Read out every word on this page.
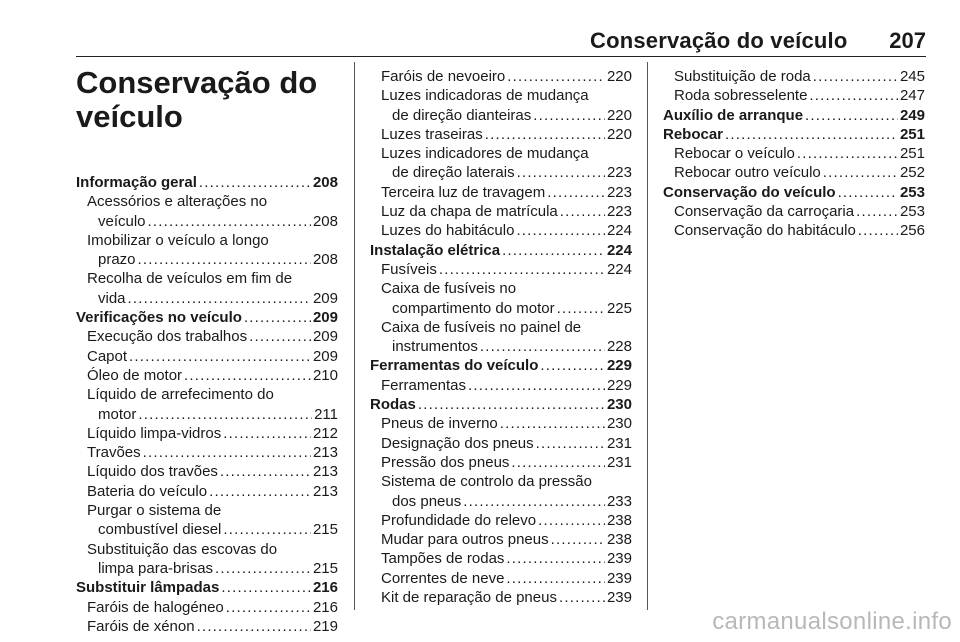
Conservação do veículo 207
Conservação do veículo
Informação geral .....	208
Acessórios e alterações no
veículo .....	208
Imobilizar o veículo a longo
prazo .....	208
Recolha de veículos em fim de
vida .....	209
Verificações no veículo .....	209
Execução dos trabalhos .....	209
Capot .....	209
Óleo de motor .....	210
Líquido de arrefecimento do
motor .....	211
Líquido limpa-vidros .....	212
Travões .....	213
Líquido dos travões .....	213
Bateria do veículo .....	213
Purgar o sistema de
combustível diesel .....	215
Substituição das escovas do
limpa para-brisas .....	215
Substituir lâmpadas .....	216
Faróis de halogéneo .....	216
Faróis de xénon .....	219
Faróis de nevoeiro .....	220
Luzes indicadoras de mudança
de direção dianteiras .....	220
Luzes traseiras .....	220
Luzes indicadores de mudança
de direção laterais .....	223
Terceira luz de travagem .....	223
Luz da chapa de matrícula .....	223
Luzes do habitáculo .....	224
Instalação elétrica .....	224
Fusíveis .....	224
Caixa de fusíveis no
compartimento do motor .....	225
Caixa de fusíveis no painel de
instrumentos .....	228
Ferramentas do veículo .....	229
Ferramentas .....	229
Rodas .....	230
Pneus de inverno .....	230
Designação dos pneus .....	231
Pressão dos pneus .....	231
Sistema de controlo da pressão
dos pneus .....	233
Profundidade do relevo .....	238
Mudar para outros pneus .....	238
Tampões de rodas .....	239
Correntes de neve .....	239
Kit de reparação de pneus .....	239
Substituição de roda .....	245
Roda sobresselente .....	247
Auxílio de arranque .....	249
Rebocar .....	251
Rebocar o veículo .....	251
Rebocar outro veículo .....	252
Conservação do veículo .....	253
Conservação da carroçaria .....	253
Conservação do habitáculo .....	256
carmanualsonline.info
